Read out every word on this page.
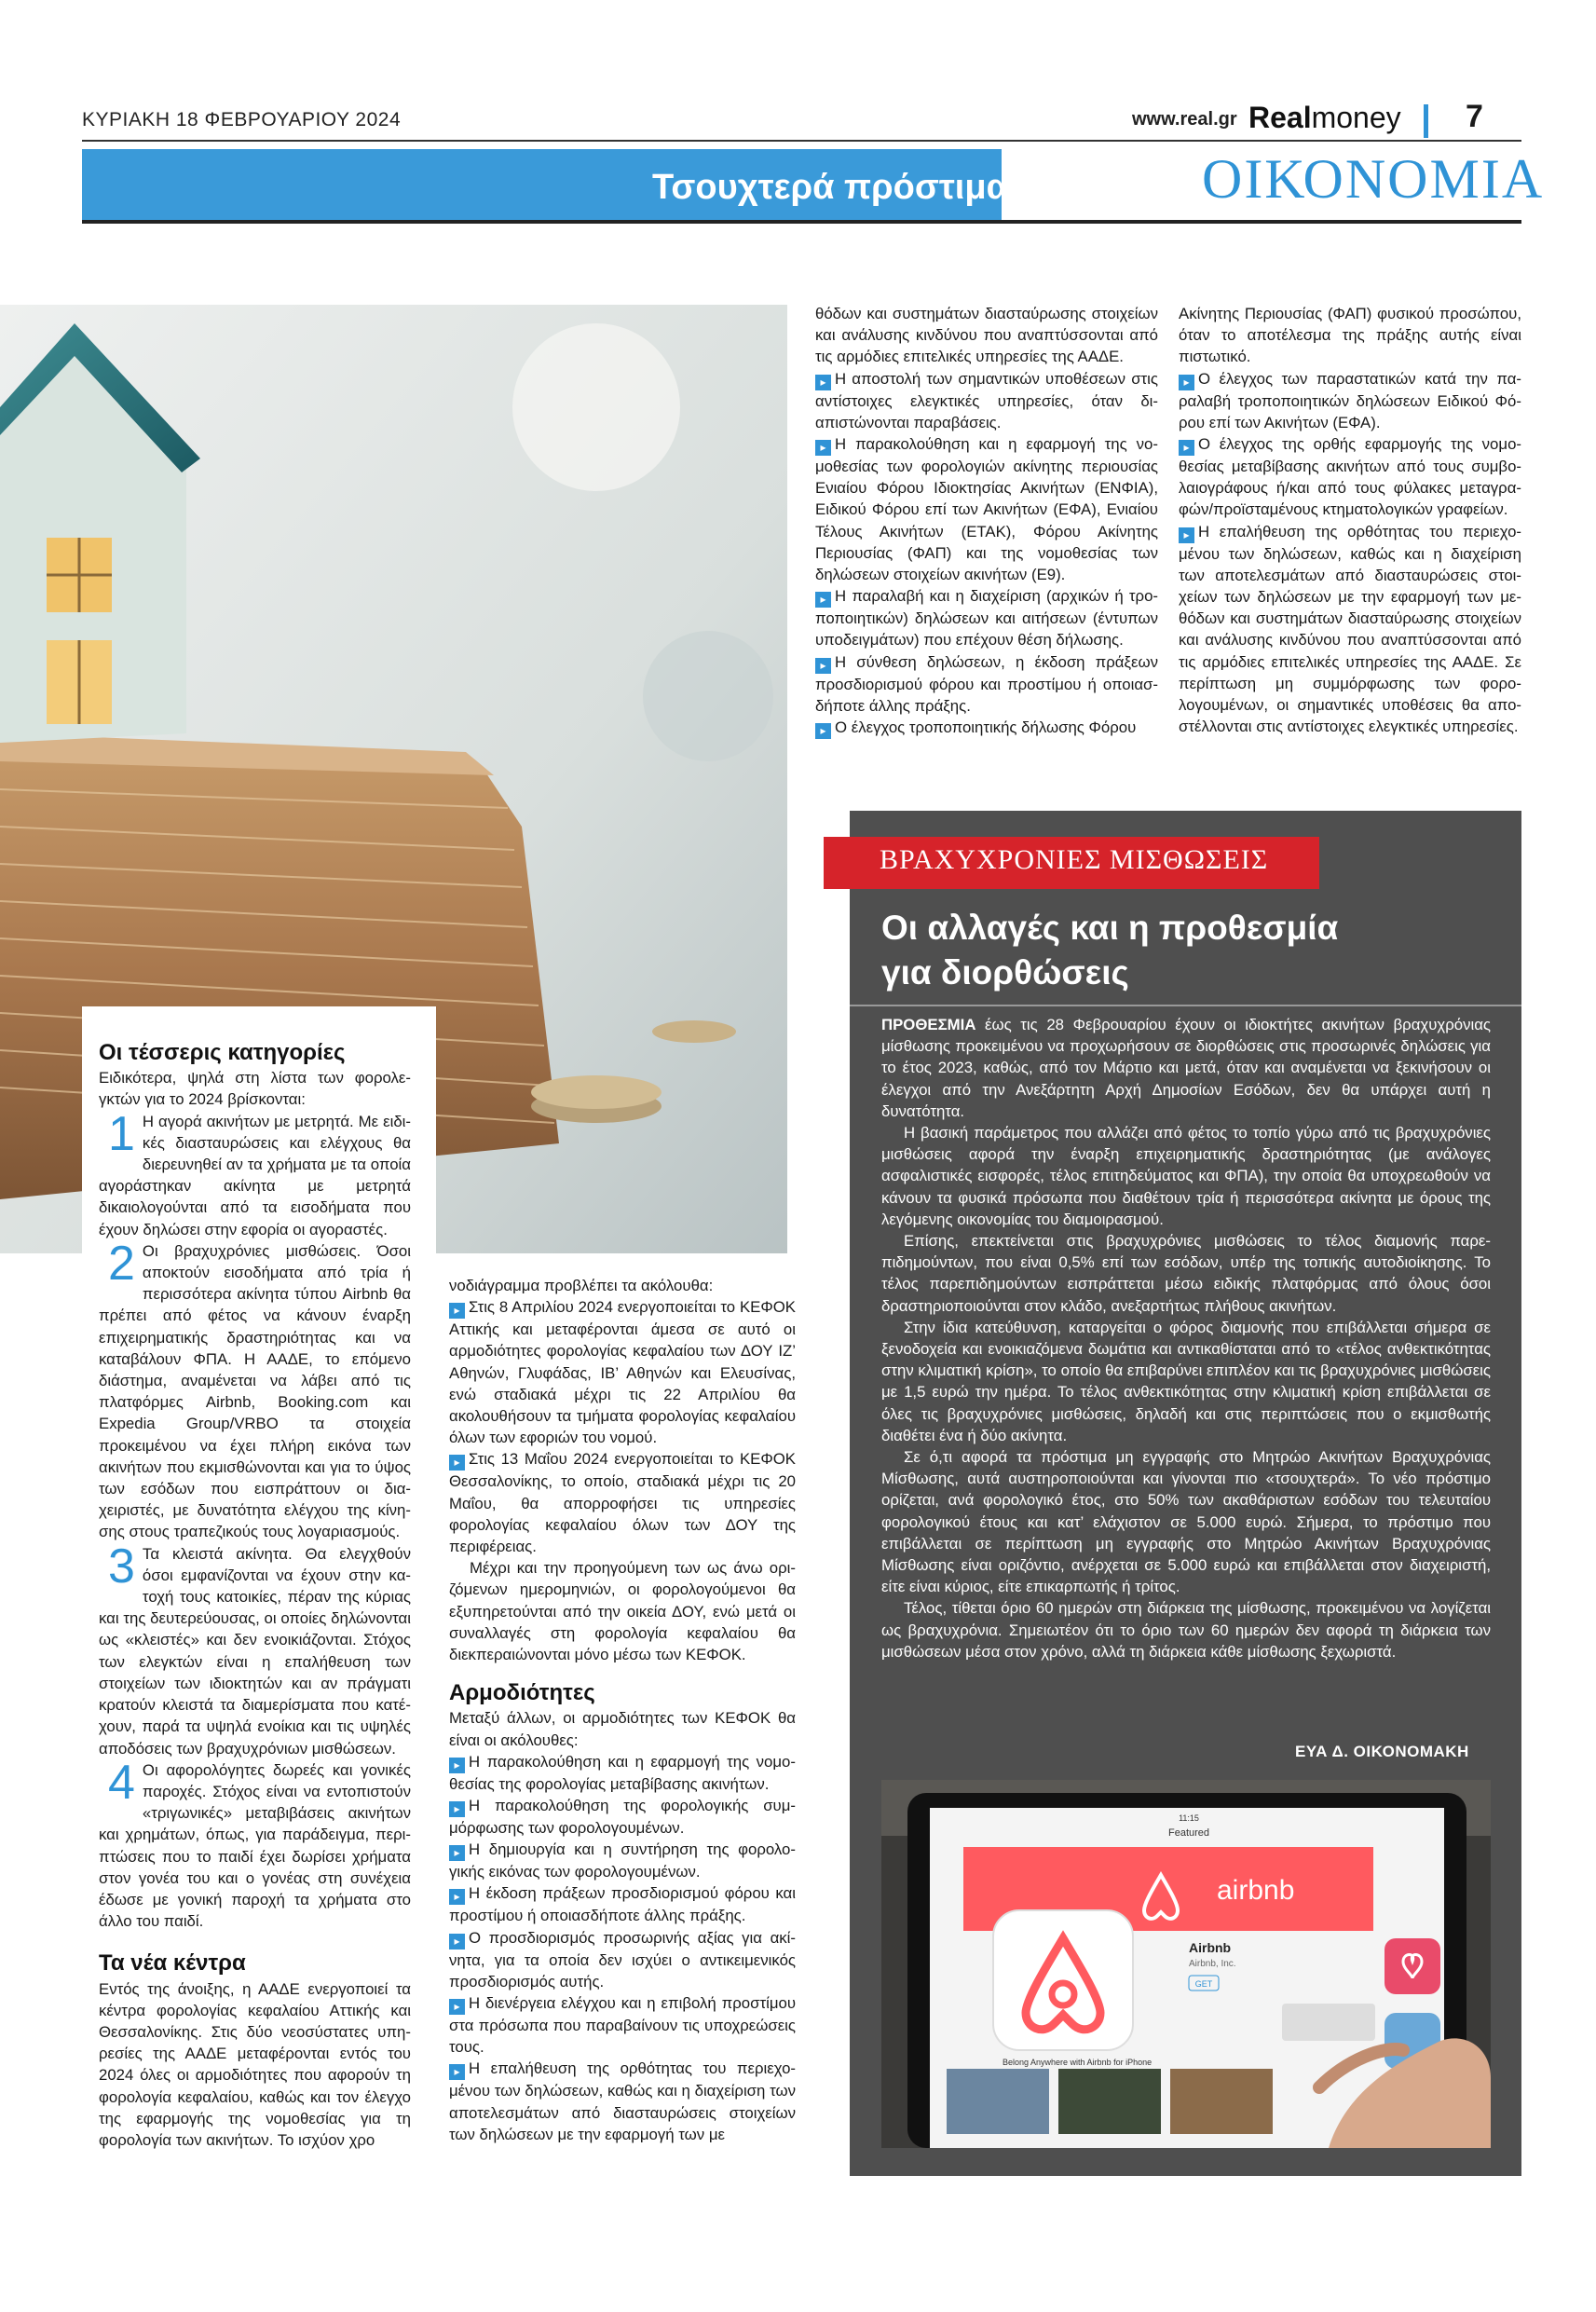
ΚΥΡΙΑΚΗ 18 ΦΕΒΡΟΥΑΡΙΟΥ 2024	www.real.gr Realmoney 7
Τσουχτερά πρόστιμα	ΟΙΚΟΝΟΜΙΑ
Οι τέσσερις κατηγορίες

Ειδικότερα, ψηλά στη λίστα των φορολεγκτών για το 2024 βρίσκονται:

1 Η αγορά ακινήτων με μετρητά. Με ειδικές διασταυρώσεις και ελέγχους θα διερευνηθεί αν τα χρήματα με τα οποία αγοράστηκαν ακίνητα με μετρητά δικαιολογούνται από τα εισοδήματα που έχουν δηλώσει στην εφορία οι αγοραστές.
2 Οι βραχυχρόνιες μισθώσεις. Όσοι αποκτούν εισοδήματα από τρία ή περισσότερα ακίνητα τύπου Airbnb θα πρέπει από φέτος να κάνουν έναρξη επιχειρηματικής δραστηριότητας και να καταβάλουν ΦΠΑ. Η ΑΑΔΕ, το επόμενο διάστημα, αναμένεται να λάβει από τις πλατφόρμες Airbnb, Booking.com και Expedia Group/VRBO τα στοιχεία προκειμένου να έχει πλήρη εικόνα των ακινήτων που εκμισθώνονται και για το ύψος των εσόδων που εισπράττουν οι διαχειριστές, με δυνατότητα ελέγχου της κίνησης στους τραπεζικούς τους λογαριασμούς.
3 Τα κλειστά ακίνητα. Θα ελεγχθούν όσοι εμφανίζονται να έχουν στην κατοχή τους κατοικίες, πέραν της κύριας και της δευτερεύουσας, οι οποίες δηλώνονται ως «κλειστές» και δεν ενοικιάζονται. Στόχος των ελεγκτών είναι η επαλήθευση των στοιχείων των ιδιοκτητών και αν πράγματι κρατούν κλειστά τα διαμερίσματα που κατέχουν, παρά τα υψηλά ενοίκια και τις υψηλές αποδόσεις των βραχυχρόνιων μισθώσεων.
4 Οι αφορολόγητες δωρεές και γονικές παροχές. Στόχος είναι να εντοπιστούν «τριγωνικές» μεταβιβάσεις ακινήτων και χρημάτων, όπως, για παράδειγμα, περιπτώσεις που το παιδί έχει δωρίσει χρήματα στον γονέα του και ο γονέας στη συνέχεια έδωσε με γονική παροχή τα χρήματα στο άλλο του παιδί.
Τα νέα κέντρα

Εντός της άνοιξης, η ΑΑΔΕ ενεργοποιεί τα κέντρα φορολογίας κεφαλαίου Αττικής και Θεσσαλονίκης. Στις δύο νεοσύστατες υπηρεσίες της ΑΑΔΕ μεταφέρονται εντός του 2024 όλες οι αρμοδιότητες που αφορούν τη φορολογία κεφαλαίου, καθώς και τον έλεγχο της εφαρμογής της νομοθεσίας για τη φορολογία των ακινήτων. Το ισχύον χρο

νοδιάγραμμα προβλέπει τα ακόλουθα:

▸ Στις 8 Απριλίου 2024 ενεργοποιείται το ΚΕΦΟΚ Αττικής και μεταφέρονται άμεσα σε αυτό οι αρμοδιότητες φορολογίας κεφαλαίου των ΔΟΥ ΙΖ’ Αθηνών, Γλυφάδας, ΙΒ’ Αθηνών και Ελευσίνας, ενώ σταδιακά μέχρι τις 22 Απριλίου θα ακολουθήσουν τα τμήματα φορολογίας κεφαλαίου όλων των εφοριών του νομού.

▸ Στις 13 Μαΐου 2024 ενεργοποιείται το ΚΕΦΟΚ Θεσσαλονίκης, το οποίο, σταδιακά μέχρι τις 20 Μαΐου, θα απορροφήσει τις υπηρεσίες φορολογίας κεφαλαίου όλων των ΔΟΥ της περιφέρειας.

Μέχρι και την προηγούμενη των ως άνω οριζόμενων ημερομηνιών, οι φορολογούμενοι θα εξυπηρετούνται από την οικεία ΔΟΥ, ενώ μετά οι συναλλαγές στη φορολογία κεφαλαίου θα διεκπεραιώνονται μόνο μέσω των ΚΕΦΟΚ.

Αρμοδιότητες

Μεταξύ άλλων, οι αρμοδιότητες των ΚΕΦΟΚ θα είναι οι ακόλουθες:

▸ Η παρακολούθηση και η εφαρμογή της νομοθεσίας της φορολογίας μεταβίβασης ακινήτων.

▸ Η παρακολούθηση της φορολογικής συμμόρφωσης των φορολογουμένων.

▸ Η δημιουργία και η συντήρηση της φορολογικής εικόνας των φορολογουμένων.

▸ Η έκδοση πράξεων προσδιορισμού φόρου και προστίμου ή οποιασδήποτε άλλης πράξης.

▸ Ο προσδιορισμός προσωρινής αξίας για ακίνητα, για τα οποία δεν ισχύει ο αντικειμενικός προσδιορισμός αυτής.

▸ Η διενέργεια ελέγχου και η επιβολή προστίμου στα πρόσωπα που παραβαίνουν τις υποχρεώσεις τους.

▸ Η επαλήθευση της ορθότητας του περιεχομένου των δηλώσεων, καθώς και η διαχείριση των αποτελεσμάτων από διασταυρώσεις στοιχείων των δηλώσεων με την εφαρμογή των με

θόδων και συστημάτων διασταύρωσης στοιχείων και ανάλυσης κινδύνου που αναπτύσσονται από τις αρμόδιες επιτελικές υπηρεσίες της ΑΑΔΕ.

▸ Η αποστολή των σημαντικών υποθέσεων στις αντίστοιχες ελεγκτικές υπηρεσίες, όταν διαπιστώνονται παραβάσεις.

▸ Η παρακολούθηση και η εφαρμογή της νομοθεσίας των φορολογιών ακίνητης περιουσίας Ενιαίου Φόρου Ιδιοκτησίας Ακινήτων (ΕΝΦΙΑ), Ειδικού Φόρου επί των Ακινήτων (ΕΦΑ), Ενιαίου Τέλους Ακινήτων (ΕΤΑΚ), Φόρου Ακίνητης Περιουσίας (ΦΑΠ) και της νομοθεσίας των δηλώσεων στοιχείων ακινήτων (Ε9).

▸ Η παραλαβή και η διαχείριση (αρχικών ή τροποποιητικών) δηλώσεων και αιτήσεων (έντυπων υποδειγμάτων) που επέχουν θέση δήλωσης.

▸ Η σύνθεση δηλώσεων, η έκδοση πράξεων προσδιορισμού φόρου και προστίμου ή οποιασδήποτε άλλης πράξης.

▸ Ο έλεγχος τροποποιητικής δήλωσης Φόρου

Ακίνητης Περιουσίας (ΦΑΠ) φυσικού προσώπου, όταν το αποτέλεσμα της πράξης αυτής είναι πιστωτικό.

▸ Ο έλεγχος των παραστατικών κατά την παραλαβή τροποποιητικών δηλώσεων Ειδικού Φόρου επί των Ακινήτων (ΕΦΑ).

▸ Ο έλεγχος της ορθής εφαρμογής της νομοθεσίας μεταβίβασης ακινήτων από τους συμβολαιογράφους ή/και από τους φύλακες μεταγραφών/προϊσταμένους κτηματολογικών γραφείων.

▸ Η επαλήθευση της ορθότητας του περιεχομένου των δηλώσεων, καθώς και η διαχείριση των αποτελεσμάτων από διασταυρώσεις στοιχείων των δηλώσεων με την εφαρμογή των μεθόδων και συστημάτων διασταύρωσης στοιχείων και ανάλυσης κινδύνου που αναπτύσσονται από τις αρμόδιες επιτελικές υπηρεσίες της ΑΑΔΕ. Σε περίπτωση μη συμμόρφωσης των φορολογουμένων, οι σημαντικές υποθέσεις θα αποστέλλονται στις αντίστοιχες ελεγκτικές υπηρεσίες.

ΒΡΑΧΥΧΡΟΝΙΕΣ ΜΙΣΘΩΣΕΙΣ
Οι αλλαγές και η προθεσμία
για διορθώσεις

ΠΡΟΘΕΣΜΙΑ έως τις 28 Φεβρουαρίου έχουν οι ιδιοκτήτες ακινήτων βραχυχρόνιας μίσθωσης προκειμένου να προχωρήσουν σε διορθώσεις στις προσωρινές δηλώσεις για το έτος 2023, καθώς, από τον Μάρτιο και μετά, όταν και αναμένεται να ξεκινήσουν οι έλεγχοι από την Ανεξάρτητη Αρχή Δημοσίων Εσόδων, δεν θα υπάρχει αυτή η δυνατότητα.

Η βασική παράμετρος που αλλάζει από φέτος το τοπίο γύρω από τις βραχυχρόνιες μισθώσεις αφορά την έναρξη επιχειρηματικής δραστηριότητας (με ανάλογες ασφαλιστικές εισφορές, τέλος επιτηδεύματος και ΦΠΑ), την οποία θα υποχρεωθούν να κάνουν τα φυσικά πρόσωπα που διαθέτουν τρία ή περισσότερα ακίνητα με όρους της λεγόμενης οικονομίας του διαμοιρασμού.

Επίσης, επεκτείνεται στις βραχυχρόνιες μισθώσεις το τέλος διαμονής παρεπιδημούντων, που είναι 0,5% επί των εσόδων, υπέρ της τοπικής αυτοδιοίκησης. Το τέλος παρεπιδημούντων εισπράττεται μέσω ειδικής πλατφόρμας από όλους όσοι δραστηριοποιούνται στον κλάδο, ανεξαρτήτως πλήθους ακινήτων.

Στην ίδια κατεύθυνση, καταργείται ο φόρος διαμονής που επιβάλλεται σήμερα σε ξενοδοχεία και ενοικιαζόμενα δωμάτια και αντικαθίσταται από το «τέλος ανθεκτικότητας στην κλιματική κρίση», το οποίο θα επιβαρύνει επιπλέον και τις βραχυχρόνιες μισθώσεις με 1,5 ευρώ την ημέρα. Το τέλος ανθεκτικότητας στην κλιματική κρίση επιβάλλεται σε όλες τις βραχυχρόνιες μισθώσεις, δηλαδή και στις περιπτώσεις που ο εκμισθωτής διαθέτει ένα ή δύο ακίνητα.

Σε ό,τι αφορά τα πρόστιμα μη εγγραφής στο Μητρώο Ακινήτων Βραχυχρόνιας Μίσθωσης, αυτά αυστηροποιούνται και γίνονται πιο «τσουχτερά». Το νέο πρόστιμο ορίζεται, ανά φορολογικό έτος, στο 50% των ακαθάριστων εσόδων του τελευταίου φορολογικού έτους και κατ’ ελάχιστον σε 5.000 ευρώ. Σήμερα, το πρόστιμο που επιβάλλεται σε περίπτωση μη εγγραφής στο Μητρώο Ακινήτων Βραχυχρόνιας Μίσθωσης είναι οριζόντιο, ανέρχεται σε 5.000 ευρώ και επιβάλλεται στον διαχειριστή, είτε είναι κύριος, είτε επικαρπωτής ή τρίτος.

Τέλος, τίθεται όριο 60 ημερών στη διάρκεια της μίσθωσης, προκειμένου να λογίζεται ως βραχυχρόνια. Σημειωτέον ότι το όριο των 60 ημερών δεν αφορά τη διάρκεια των μισθώσεων μέσα στον χρόνο, αλλά τη διάρκεια κάθε μίσθωσης ξεχωριστά.

ΕΥΑ Δ. ΟΙΚΟΝΟΜΑΚΗ
11:15
Featured
airbnb
Airbnb
Airbnb, Inc.
GET
Belong Anywhere with Airbnb for iPhone
